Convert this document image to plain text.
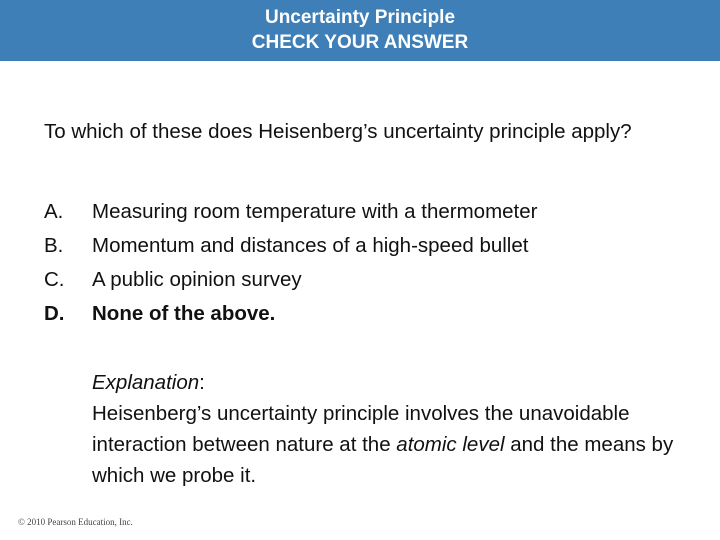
Uncertainty Principle
CHECK YOUR ANSWER
To which of these does Heisenberg’s uncertainty principle apply?
A.	Measuring room temperature with a thermometer
B.	Momentum and distances of a high-speed bullet
C.	A public opinion survey
D.	None of the above.
Explanation:
Heisenberg’s uncertainty principle involves the unavoidable interaction between nature at the atomic level and the means by which we probe it.
© 2010 Pearson Education, Inc.
